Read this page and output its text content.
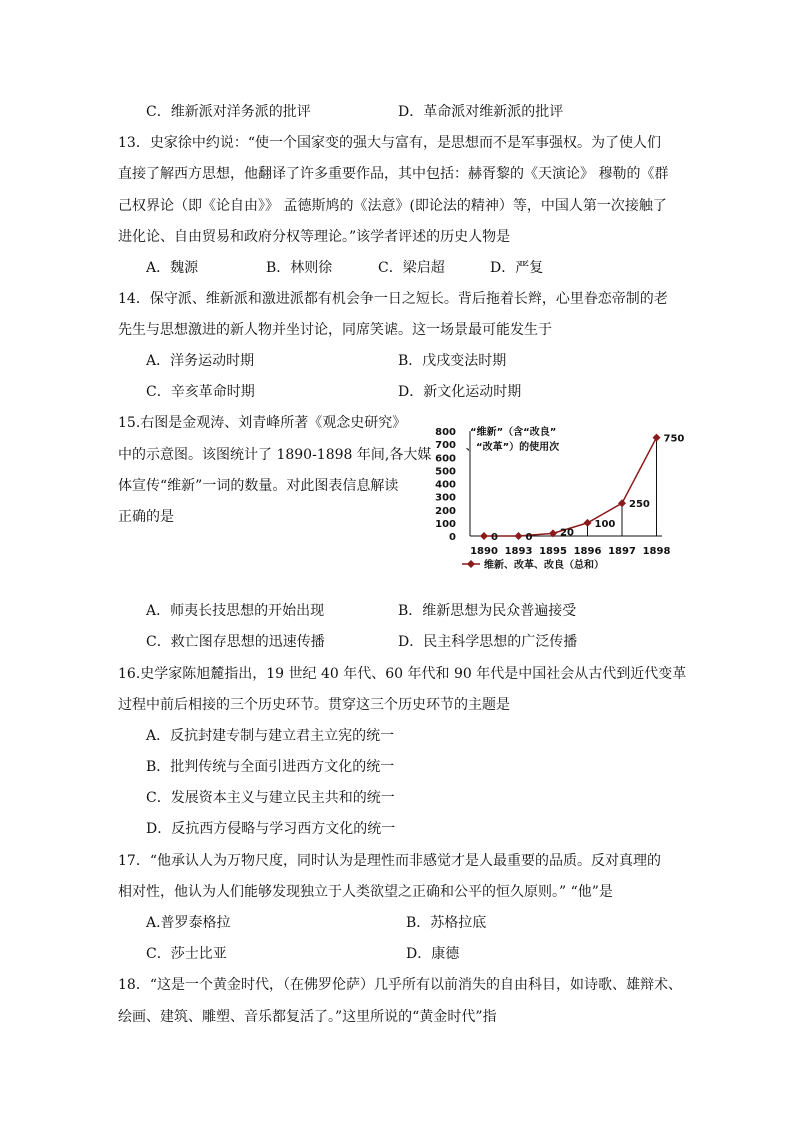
C．维新派对洋务派的批评	D．革命派对维新派的批评
13．史家徐中约说：“使一个国家变的强大与富有，是思想而不是军事强权。为了使人们
直接了解西方思想，他翻译了许多重要作品，其中包括：赫胥黎的《天演论》 穆勒的《群
己权界论（即《论自由》》 孟德斯鸠的《法意》(即论法的精神）等，中国人第一次接触了
进化论、自由贸易和政府分权等理论。”该学者评述的历史人物是
A．魏源	B．林则徐	C．梁启超	D．严复
14．保守派、维新派和激进派都有机会争一日之短长。背后拖着长辫，心里眷恋帝制的老
先生与思想激进的新人物并坐讨论，同席笑谑。这一场景最可能发生于
A．洋务运动时期	B．戊戌变法时期
C．辛亥革命时期	D．新文化运动时期
15.右图是金观涛、刘青峰所著《观念史研究》
中的示意图。该图统计了 1890-1898 年间,各大媒
体宣传“维新”一词的数量。对此图表信息解读
正确的是
0
100
200
300
400
500
600
700
800 “维新”（含“改良”
、“改革”）的使用次
0	0	20
100
250
750
1890 1893 1895 1896 1897 1898
维新、改革、改良（总和）
A．师夷长技思想的开始出现	B．维新思想为民众普遍接受
C．救亡图存思想的迅速传播	D．民主科学思想的广泛传播
16.史学家陈旭麓指出，19 世纪 40 年代、60 年代和 90 年代是中国社会从古代到近代变革
过程中前后相接的三个历史环节。贯穿这三个历史环节的主题是
A．反抗封建专制与建立君主立宪的统一
B．批判传统与全面引进西方文化的统一
C．发展资本主义与建立民主共和的统一
D．反抗西方侵略与学习西方文化的统一
17．“他承认人为万物尺度，同时认为是理性而非感觉才是人最重要的品质。反对真理的
相对性，他认为人们能够发现独立于人类欲望之正确和公平的恒久原则。” “他”是
A.普罗泰格拉	B．苏格拉底
C．莎士比亚	D．康德
18．“这是一个黄金时代，（在佛罗伦萨）几乎所有以前消失的自由科目，如诗歌、雄辩术、
绘画、建筑、雕塑、音乐都复活了。”这里所说的“黄金时代”指
